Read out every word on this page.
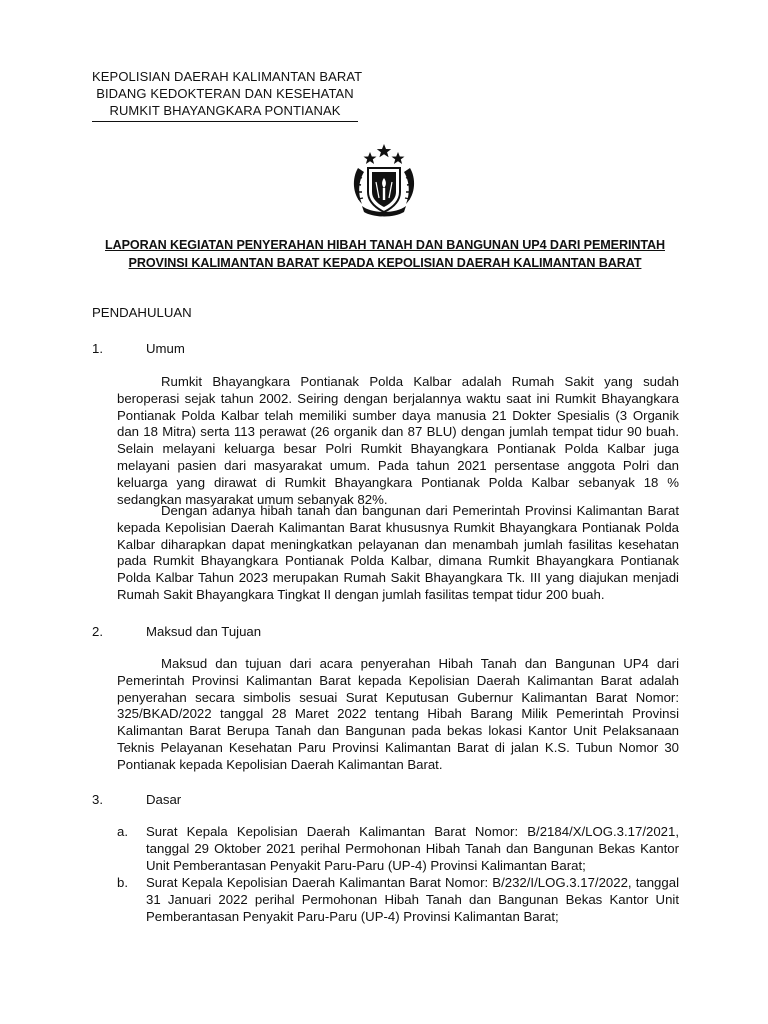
KEPOLISIAN DAERAH KALIMANTAN BARAT
BIDANG KEDOKTERAN DAN KESEHATAN
RUMKIT BHAYANGKARA PONTIANAK
LAPORAN KEGIATAN PENYERAHAN HIBAH TANAH DAN BANGUNAN UP4 DARI PEMERINTAH
PROVINSI KALIMANTAN BARAT KEPADA KEPOLISIAN DAERAH KALIMANTAN BARAT
PENDAHULUAN
1.	Umum
Rumkit Bhayangkara Pontianak Polda Kalbar adalah Rumah Sakit yang sudah beroperasi sejak tahun 2002. Seiring dengan berjalannya waktu saat ini Rumkit Bhayangkara Pontianak Polda Kalbar telah memiliki sumber daya manusia 21 Dokter Spesialis (3 Organik dan 18 Mitra) serta 113 perawat (26 organik dan 87 BLU) dengan jumlah tempat tidur 90 buah. Selain melayani keluarga besar Polri Rumkit Bhayangkara Pontianak Polda Kalbar juga melayani pasien dari masyarakat umum. Pada tahun 2021 persentase anggota Polri dan keluarga yang dirawat di Rumkit Bhayangkara Pontianak Polda Kalbar sebanyak 18 % sedangkan masyarakat umum sebanyak 82%.
Dengan adanya hibah tanah dan bangunan dari Pemerintah Provinsi Kalimantan Barat kepada Kepolisian Daerah Kalimantan Barat khususnya Rumkit Bhayangkara Pontianak Polda Kalbar diharapkan dapat meningkatkan pelayanan dan menambah jumlah fasilitas kesehatan pada Rumkit Bhayangkara Pontianak Polda Kalbar, dimana Rumkit Bhayangkara Pontianak Polda Kalbar Tahun 2023 merupakan Rumah Sakit Bhayangkara Tk. III yang diajukan menjadi Rumah Sakit Bhayangkara Tingkat II dengan jumlah fasilitas tempat tidur 200 buah.
2.	Maksud dan Tujuan
Maksud dan tujuan dari acara penyerahan Hibah Tanah dan Bangunan UP4 dari Pemerintah Provinsi Kalimantan Barat kepada Kepolisian Daerah Kalimantan Barat adalah penyerahan secara simbolis sesuai Surat Keputusan Gubernur Kalimantan Barat Nomor: 325/BKAD/2022 tanggal 28 Maret 2022 tentang Hibah Barang Milik Pemerintah Provinsi Kalimantan Barat Berupa Tanah dan Bangunan pada bekas lokasi Kantor Unit Pelaksanaan Teknis Pelayanan Kesehatan Paru Provinsi Kalimantan Barat di jalan K.S. Tubun Nomor 30 Pontianak kepada Kepolisian Daerah Kalimantan Barat.
3.	Dasar
a. Surat Kepala Kepolisian Daerah Kalimantan Barat Nomor: B/2184/X/LOG.3.17/2021, tanggal 29 Oktober 2021 perihal Permohonan Hibah Tanah dan Bangunan Bekas Kantor Unit Pemberantasan Penyakit Paru-Paru (UP-4) Provinsi Kalimantan Barat;
b. Surat Kepala Kepolisian Daerah Kalimantan Barat Nomor: B/232/I/LOG.3.17/2022, tanggal 31 Januari 2022 perihal Permohonan Hibah Tanah dan Bangunan Bekas Kantor Unit Pemberantasan Penyakit Paru-Paru (UP-4) Provinsi Kalimantan Barat;
